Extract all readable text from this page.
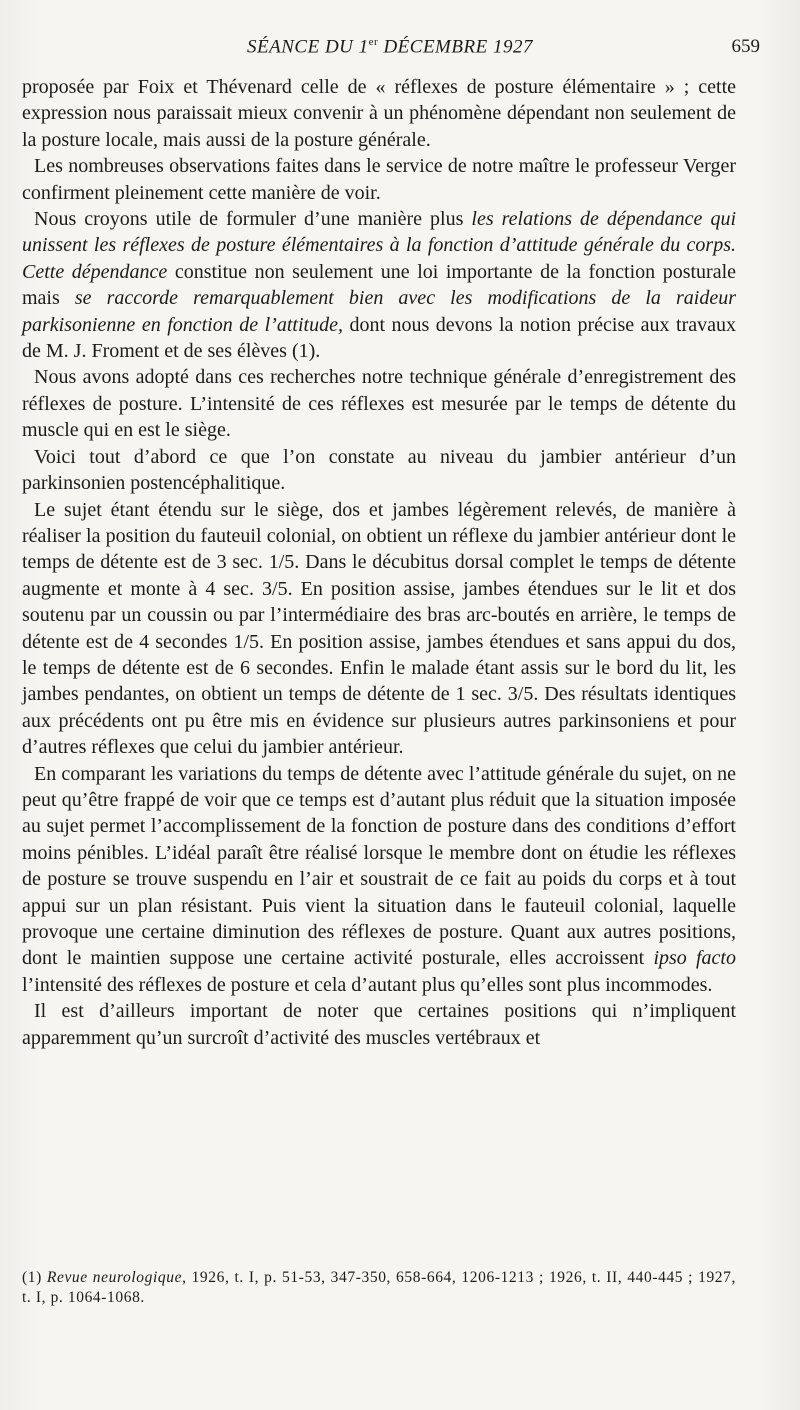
SÉANCE DU 1er DÉCEMBRE 1927	659

proposée par Foix et Thévenard celle de « réflexes de posture élémentaire » ; cette expression nous paraissait mieux convenir à un phénomène dépendant non seulement de la posture locale, mais aussi de la posture générale.

Les nombreuses observations faites dans le service de notre maître le professeur Verger confirment pleinement cette manière de voir.

Nous croyons utile de formuler d’une manière plus les relations de dépendance qui unissent les réflexes de posture élémentaires à la fonction d’attitude générale du corps. Cette dépendance constitue non seulement une loi importante de la fonction posturale mais se raccorde remarquablement bien avec les modifications de la raideur parkisonienne en fonction de l’attitude, dont nous devons la notion précise aux travaux de M. J. Froment et de ses élèves (1).

Nous avons adopté dans ces recherches notre technique générale d’enregistrement des réflexes de posture. L’intensité de ces réflexes est mesurée par le temps de détente du muscle qui en est le siège.

Voici tout d’abord ce que l’on constate au niveau du jambier antérieur d’un parkinsonien postencéphalitique.

Le sujet étant étendu sur le siège, dos et jambes légèrement relevés, de manière à réaliser la position du fauteuil colonial, on obtient un réflexe du jambier antérieur dont le temps de détente est de 3 sec. 1/5. Dans le décubitus dorsal complet le temps de détente augmente et monte à 4 sec. 3/5. En position assise, jambes étendues sur le lit et dos soutenu par un coussin ou par l’intermédiaire des bras arc-boutés en arrière, le temps de détente est de 4 secondes 1/5. En position assise, jambes étendues et sans appui du dos, le temps de détente est de 6 secondes. Enfin le malade étant assis sur le bord du lit, les jambes pendantes, on obtient un temps de détente de 1 sec. 3/5. Des résultats identiques aux précédents ont pu être mis en évidence sur plusieurs autres parkinsoniens et pour d’autres réflexes que celui du jambier antérieur.

En comparant les variations du temps de détente avec l’attitude générale du sujet, on ne peut qu’être frappé de voir que ce temps est d’autant plus réduit que la situation imposée au sujet permet l’accomplissement de la fonction de posture dans des conditions d’effort moins pénibles. L’idéal paraît être réalisé lorsque le membre dont on étudie les réflexes de posture se trouve suspendu en l’air et soustrait de ce fait au poids du corps et à tout appui sur un plan résistant. Puis vient la situation dans le fauteuil colonial, laquelle provoque une certaine diminution des réflexes de posture. Quant aux autres positions, dont le maintien suppose une certaine activité posturale, elles accroissent ipso facto l’intensité des réflexes de posture et cela d’autant plus qu’elles sont plus incommodes.

Il est d’ailleurs important de noter que certaines positions qui n’impliquent apparemment qu’un surcroît d’activité des muscles vertébraux et

(1) Revue neurologique, 1926, t. I, p. 51-53, 347-350, 658-664, 1206-1213 ; 1926, t. II, 440-445 ; 1927, t. I, p. 1064-1068.
